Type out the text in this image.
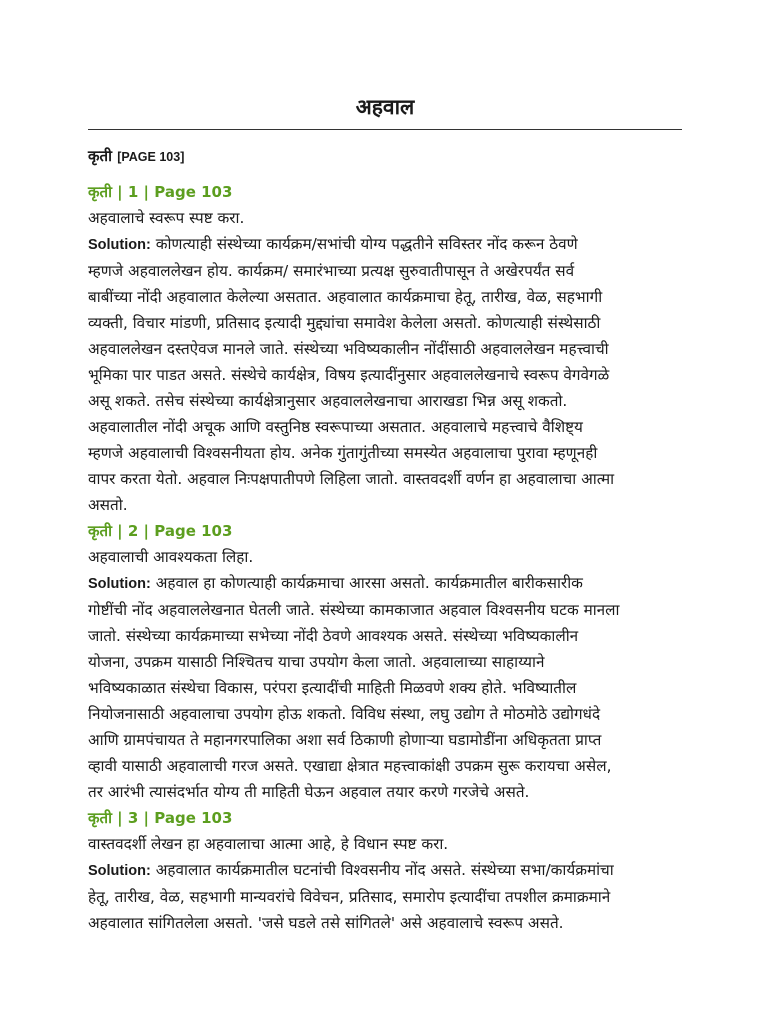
अहवाल

कृती [PAGE 103]

कृती | 1 | Page 103

अहवालाचे स्वरूप स्पष्ट करा.

Solution: कोणत्याही संस्थेच्या कार्यक्रम/सभांची योग्य पद्धतीने सविस्तर नोंद करून ठेवणे
म्हणजे अहवाललेखन होय. कार्यक्रम/ समारंभाच्या प्रत्यक्ष सुरुवातीपासून ते अखेरपर्यंत सर्व
बाबींच्या नोंदी अहवालात केलेल्या असतात. अहवालात कार्यक्रमाचा हेतू, तारीख, वेळ, सहभागी
व्यक्ती, विचार मांडणी, प्रतिसाद इत्यादी मुद्द्यांचा समावेश केलेला असतो. कोणत्याही संस्थेसाठी
अहवाललेखन दस्तऐवज मानले जाते. संस्थेच्या भविष्यकालीन नोंदींसाठी अहवाललेखन महत्त्वाची
भूमिका पार पाडत असते. संस्थेचे कार्यक्षेत्र, विषय इत्यादींनुसार अहवाललेखनाचे स्वरूप वेगवेगळे
असू शकते. तसेच संस्थेच्या कार्यक्षेत्रानुसार अहवाललेखनाचा आराखडा भिन्न असू शकतो.
अहवालातील नोंदी अचूक आणि वस्तुनिष्ठ स्वरूपाच्या असतात. अहवालाचे महत्त्वाचे वैशिष्ट्य
म्हणजे अहवालाची विश्वसनीयता होय. अनेक गुंतागुंतीच्या समस्येत अहवालाचा पुरावा म्हणूनही
वापर करता येतो. अहवाल निःपक्षपातीपणे लिहिला जातो. वास्तवदर्शी वर्णन हा अहवालाचा आत्मा
असतो.

कृती | 2 | Page 103

अहवालाची आवश्यकता लिहा.

Solution: अहवाल हा कोणत्याही कार्यक्रमाचा आरसा असतो. कार्यक्रमातील बारीकसारीक
गोष्टींची नोंद अहवाललेखनात घेतली जाते. संस्थेच्या कामकाजात अहवाल विश्वसनीय घटक मानला
जातो. संस्थेच्या कार्यक्रमाच्या सभेच्या नोंदी ठेवणे आवश्यक असते. संस्थेच्या भविष्यकालीन
योजना, उपक्रम यासाठी निश्चितच याचा उपयोग केला जातो. अहवालाच्या साहाय्याने
भविष्यकाळात संस्थेचा विकास, परंपरा इत्यादींची माहिती मिळवणे शक्य होते. भविष्यातील
नियोजनासाठी अहवालाचा उपयोग होऊ शकतो. विविध संस्था, लघु उद्योग ते मोठमोठे उद्योगधंदे
आणि ग्रामपंचायत ते महानगरपालिका अशा सर्व ठिकाणी होणाऱ्या घडामोडींना अधिकृतता प्राप्त
व्हावी यासाठी अहवालाची गरज असते. एखाद्या क्षेत्रात महत्त्वाकांक्षी उपक्रम सुरू करायचा असेल,
तर आरंभी त्यासंदर्भात योग्य ती माहिती घेऊन अहवाल तयार करणे गरजेचे असते.

कृती | 3 | Page 103

वास्तवदर्शी लेखन हा अहवालाचा आत्मा आहे, हे विधान स्पष्ट करा.

Solution: अहवालात कार्यक्रमातील घटनांची विश्वसनीय नोंद असते. संस्थेच्या सभा/कार्यक्रमांचा
हेतू, तारीख, वेळ, सहभागी मान्यवरांचे विवेचन, प्रतिसाद, समारोप इत्यादींचा तपशील क्रमाक्रमाने
अहवालात सांगितलेला असतो. 'जसे घडले तसे सांगितले' असे अहवालाचे स्वरूप असते.
